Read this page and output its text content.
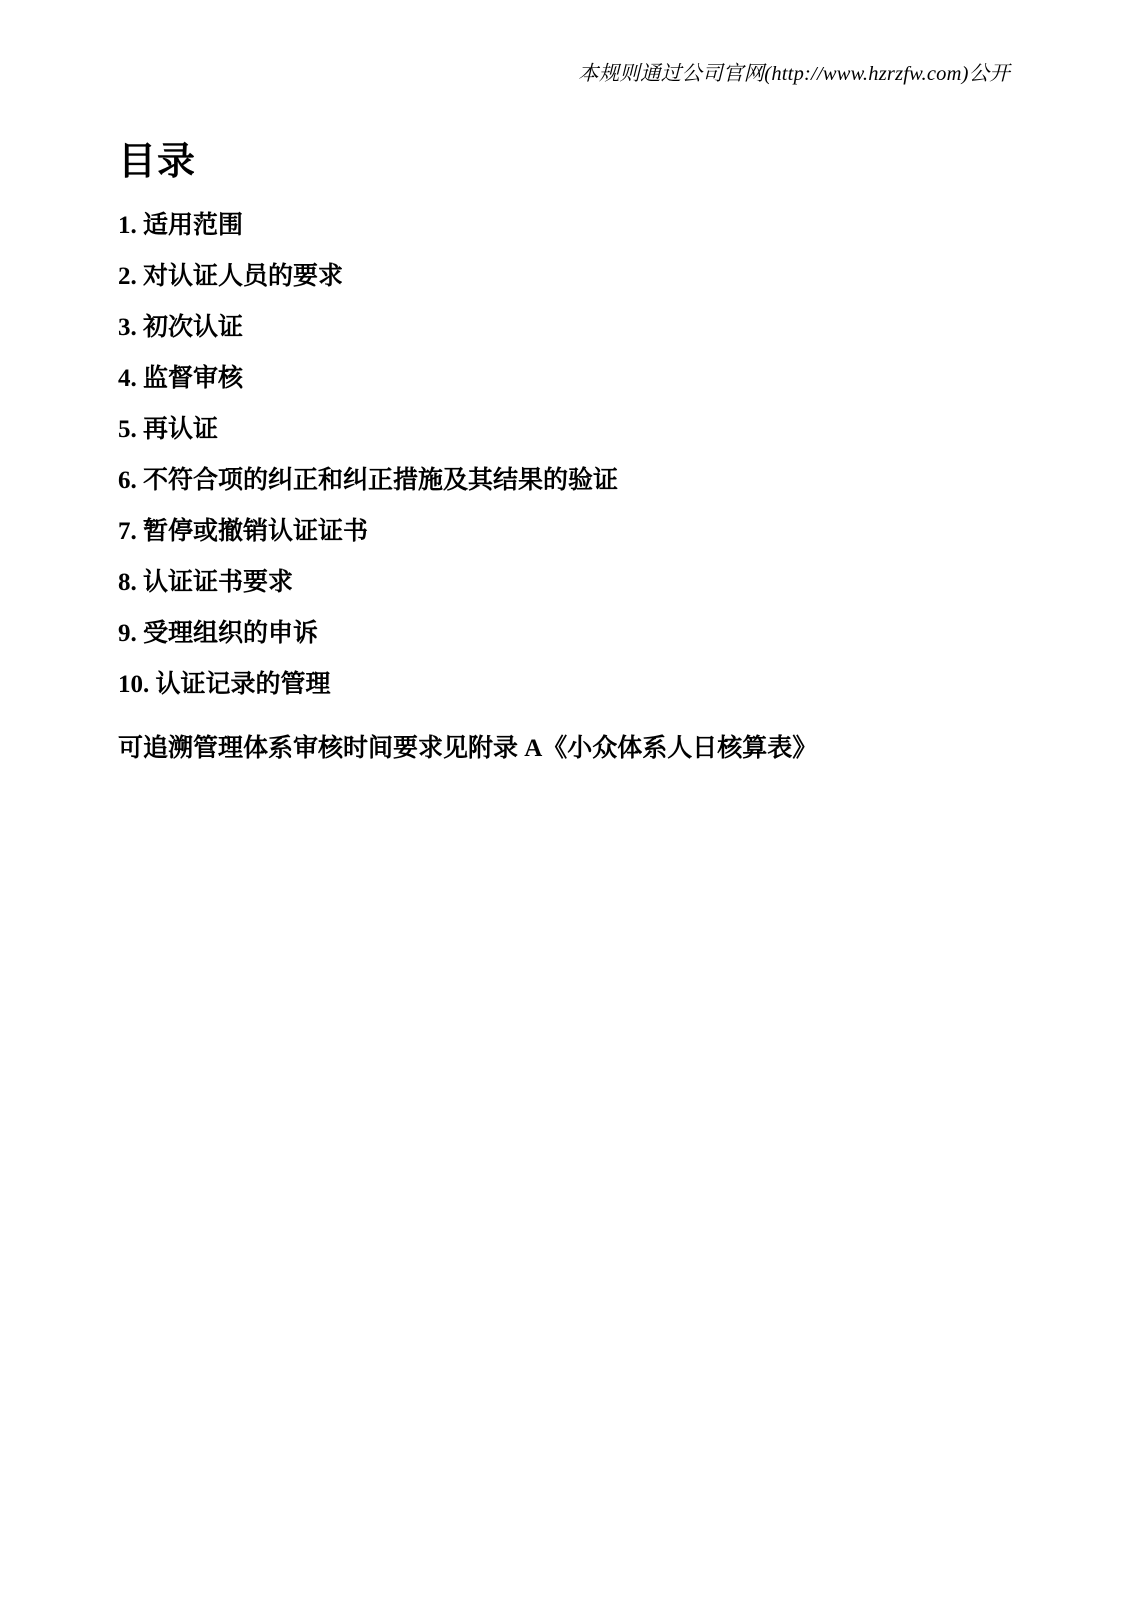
本规则通过公司官网(http://www.hzrzfw.com)公开
目录
1. 适用范围
2. 对认证人员的要求
3. 初次认证
4. 监督审核
5. 再认证
6. 不符合项的纠正和纠正措施及其结果的验证
7. 暂停或撤销认证证书
8. 认证证书要求
9. 受理组织的申诉
10. 认证记录的管理
可追溯管理体系审核时间要求见附录 A《小众体系人日核算表》
